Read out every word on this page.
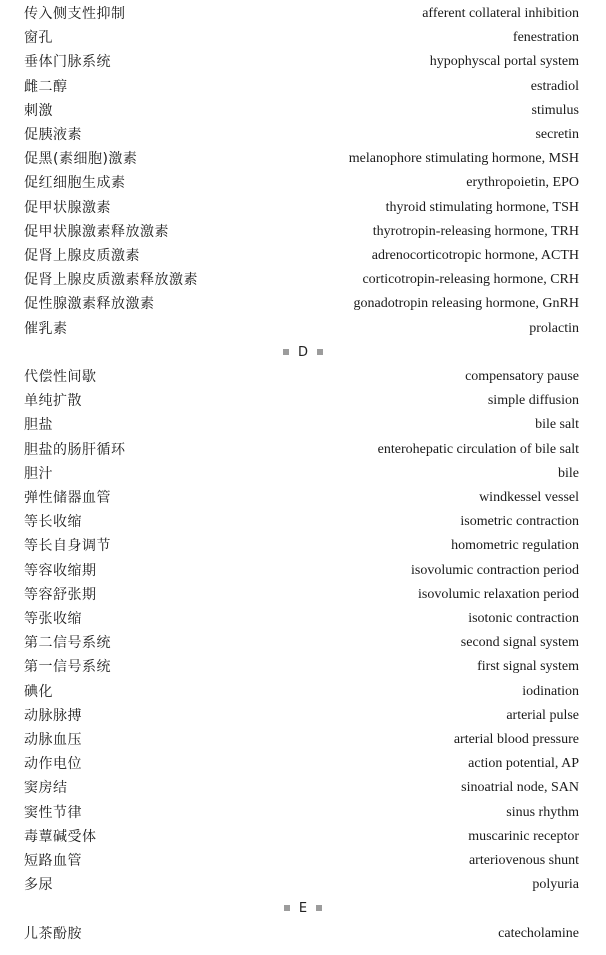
传入侧支性抑制	afferent collateral inhibition
窗孔	fenestration
垂体门脉系统	hypophyscal portal system
雌二醇	estradiol
刺激	stimulus
促胰液素	secretin
促黑(素细胞)激素	melanophore stimulating hormone, MSH
促红细胞生成素	erythropoietin, EPO
促甲状腺激素	thyroid stimulating hormone, TSH
促甲状腺激素释放激素	thyrotropin-releasing hormone, TRH
促肾上腺皮质激素	adrenocorticotropic hormone, ACTH
促肾上腺皮质激素释放激素	corticotropin-releasing hormone, CRH
促性腺激素释放激素	gonadotropin releasing hormone, GnRH
催乳素	prolactin
D
代偿性间歇	compensatory pause
单纯扩散	simple diffusion
胆盐	bile salt
胆盐的肠肝循环	enterohepatic circulation of bile salt
胆汁	bile
弹性储器血管	windkessel vessel
等长收缩	isometric contraction
等长自身调节	homometric regulation
等容收缩期	isovolumic contraction period
等容舒张期	isovolumic relaxation period
等张收缩	isotonic contraction
第二信号系统	second signal system
第一信号系统	first signal system
碘化	iodination
动脉脉搏	arterial pulse
动脉血压	arterial blood pressure
动作电位	action potential, AP
窦房结	sinoatrial node, SAN
窦性节律	sinus rhythm
毒蕈碱受体	muscarinic receptor
短路血管	arteriovenous shunt
多尿	polyuria
E
儿茶酚胺	catecholamine
